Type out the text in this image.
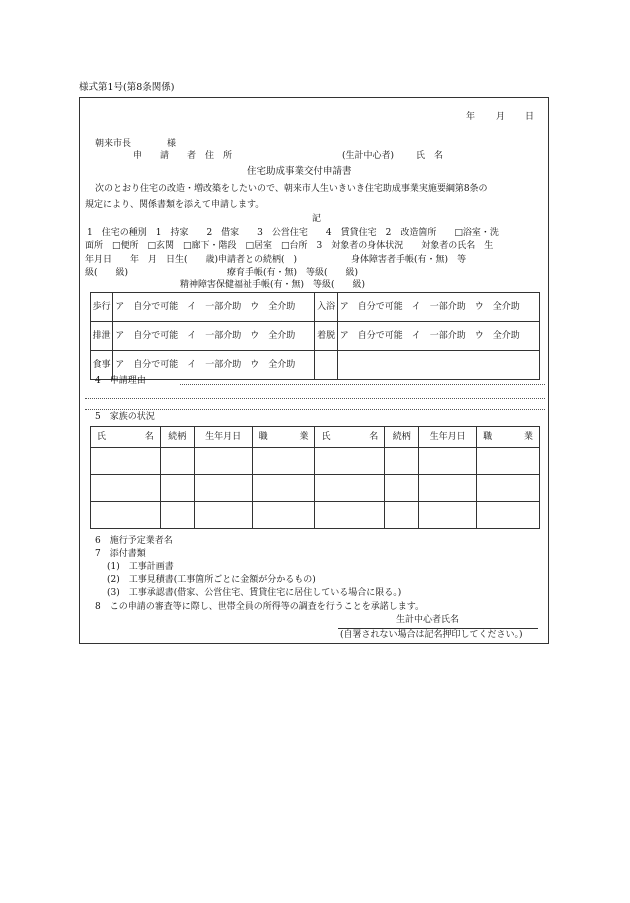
様式第1号(第8条関係)
年 月 日
朝来市長　　　　様
申　　請　　者　住　所	(生計中心者) 氏　名
住宅助成事業交付申請書
次のとおり住宅の改造・増改築をしたいので、朝来市人生いきいき住宅助成事業実施要綱第8条の
規定により、関係書類を添えて申請します。
記
1　住宅の種別　1　持家　　2　借家　　3　公営住宅　　4　賃貸住宅　2　改造箇所　　□浴室・洗
面所　□便所　□玄関　□廊下・階段　□居室　□台所　3　対象者の身体状況　　対象者の氏名　生
年月日　　年　月　日生(　　歳)申請者との続柄(　)　　　　　　身体障害者手帳(有・無)　等
級(　　級)　　　　　　　　　　　療育手帳(有・無)　等級(　　級)
精神障害保健福祉手帳(有・無)　等級(　　級)
歩行	ア　自分で可能　イ　一部介助　ウ　全介助	入浴	ア　自分で可能　イ　一部介助　ウ　全介助
排泄	ア　自分で可能　イ　一部介助　ウ　全介助	着脱	ア　自分で可能　イ　一部介助　ウ　全介助
食事	ア　自分で可能　イ　一部介助　ウ　全介助		
4　申請理由
5　家族の状況
氏 名	続柄	生年月日	職 業	氏 名	続柄	生年月日	職 業

6　施行予定業者名
7　添付書類
(1)　工事計画書
(2)　工事見積書(工事箇所ごとに金額が分かるもの)
(3)　工事承認書(借家、公営住宅、賃貸住宅に居住している場合に限る。)
8　この申請の審査等に際し、世帯全員の所得等の調査を行うことを承諾します。
生計中心者氏名
(自署されない場合は記名押印してください。)
